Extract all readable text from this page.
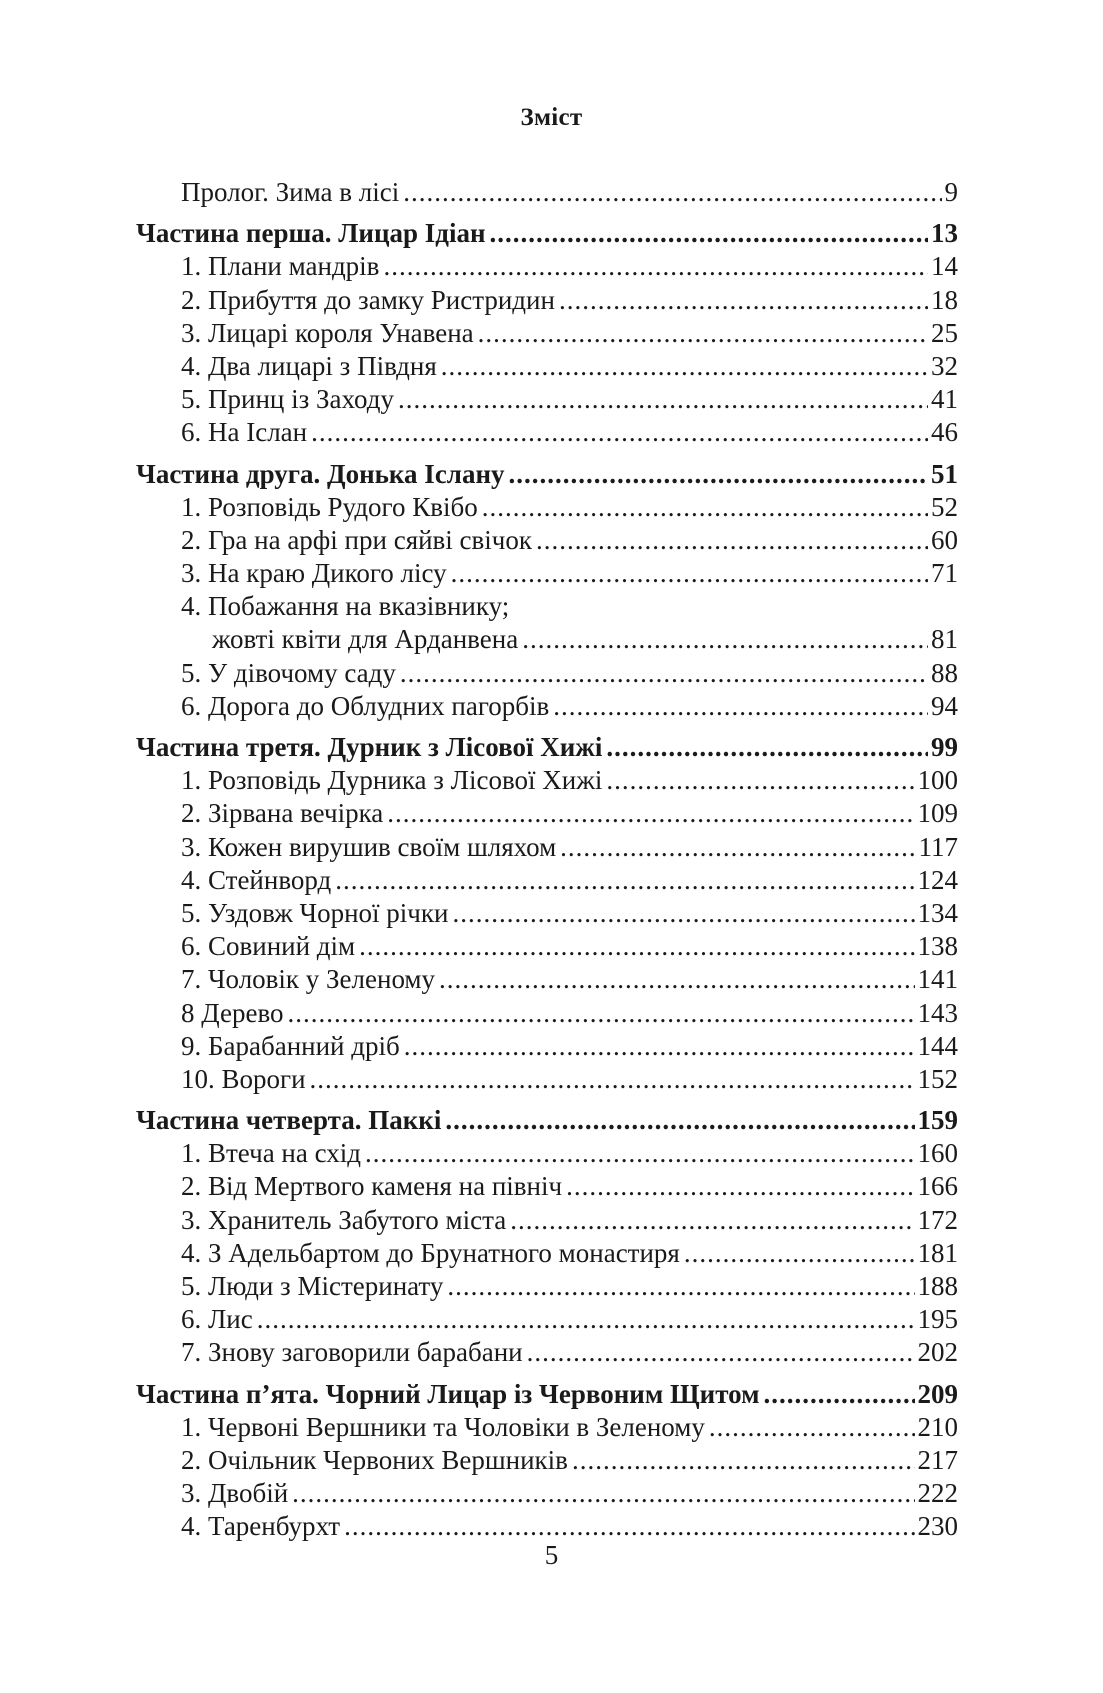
Зміст
Пролог. Зима в лісі .....	9
Частина перша. Лицар Ідіан .....	13
1. Плани мандрів .....	14
2. Прибуття до замку Ристридин .....	18
3. Лицарі короля Унавена .....	25
4. Два лицарі з Півдня .....	32
5. Принц із Заходу .....	41
6. На Іслан .....	46
Частина друга. Донька Іслану .....	51
1. Розповідь Рудого Квібо .....	52
2. Гра на арфі при сяйві свічок .....	60
3. На краю Дикого лісу .....	71
4. Побажання на вказівнику;
жовті квіти для Арданвена .....	81
5. У дівочому саду .....	88
6. Дорога до Облудних пагорбів .....	94
Частина третя. Дурник з Лісової Хижі .....	99
1. Розповідь Дурника з Лісової Хижі .....	100
2. Зірвана вечірка .....	109
3. Кожен вирушив своїм шляхом .....	117
4. Стейнворд .....	124
5. Уздовж Чорної річки .....	134
6. Совиний дім .....	138
7. Чоловік у Зеленому .....	141
8 Дерево .....	143
9. Барабанний дріб .....	144
10. Вороги .....	152
Частина четверта. Паккі .....	159
1. Втеча на схід .....	160
2. Від Мертвого каменя на північ .....	166
3. Хранитель Забутого міста .....	172
4. З Адельбартом до Брунатного монастиря .....	181
5. Люди з Містеринату .....	188
6. Лис .....	195
7. Знову заговорили барабани .....	202
Частина п’ята. Чорний Лицар із Червоним Щитом .....	209
1. Червоні Вершники та Чоловіки в Зеленому .....	210
2. Очільник Червоних Вершників .....	217
3. Двобій .....	222
4. Таренбурхт .....	230
5
